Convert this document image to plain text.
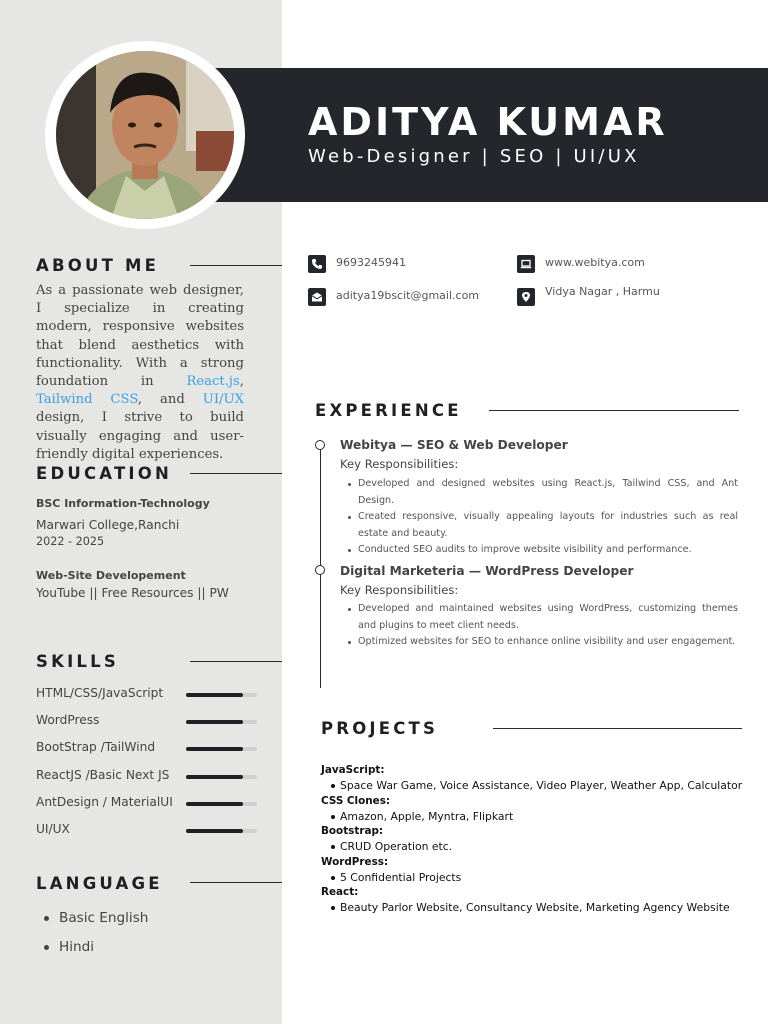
ADITYA KUMAR
Web-Designer | SEO | UI/UX
ABOUT ME

As a passionate web designer, I specialize in creating modern, responsive websites that blend aesthetics with functionality. With a strong foundation in React.js, Tailwind CSS, and UI/UX design, I strive to build visually engaging and user-friendly digital experiences.

EDUCATION
BSC Information-Technology
Marwari College,Ranchi
2022 - 2025
Web-Site Developement
YouTube || Free Resources || PW
SKILLS
HTML/CSS/JavaScript
WordPress
BootStrap /TailWind
ReactJS /Basic Next JS
AntDesign / MaterialUI
UI/UX
LANGUAGE
Basic English
Hindi
9693245941	www.webitya.com
aditya19bscit@gmail.com	Vidya Nagar , Harmu
EXPERIENCE
Webitya — SEO & Web Developer
Key Responsibilities:
Developed and designed websites using React.js, Tailwind CSS, and Ant Design.
Created responsive, visually appealing layouts for industries such as real estate and beauty.
Conducted SEO audits to improve website visibility and performance.
Digital Marketeria — WordPress Developer
Key Responsibilities:
Developed and maintained websites using WordPress, customizing themes and plugins to meet client needs.
Optimized websites for SEO to enhance online visibility and user engagement.
PROJECTS
JavaScript:
Space War Game, Voice Assistance, Video Player, Weather App, Calculator
CSS Clones:
Amazon, Apple, Myntra, Flipkart
Bootstrap:
CRUD Operation etc.
WordPress:
5 Confidential Projects
React:
Beauty Parlor Website, Consultancy Website, Marketing Agency Website
